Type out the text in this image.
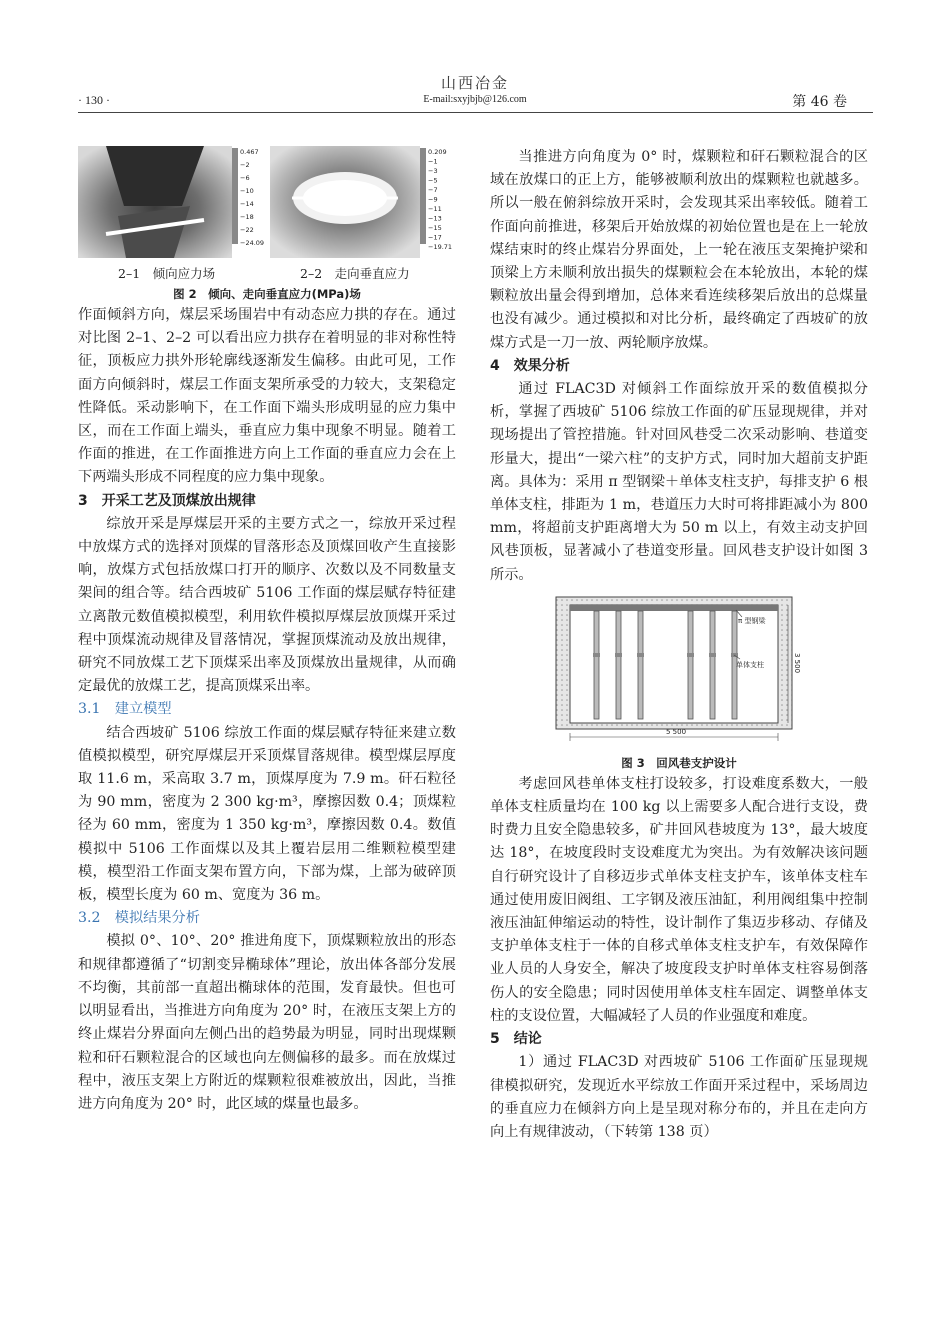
山西冶金
E-mail:sxyjbjb@126.com
· 130 ·	第 46 卷
0.467
−2
−6
−10
−14
−18
−22
−24.09
0.209
−1
−3
−5
−7
−9
−11
−13
−15
−17
−19.71
2–1　倾向应力场	2–2　走向垂直应力
图 2　倾向、走向垂直应力(MPa)场

作面倾斜方向，煤层采场围岩中有动态应力拱的存在。通过对比图 2–1、2–2 可以看出应力拱存在着明显的非对称性特征，顶板应力拱外形轮廓线逐渐发生偏移。由此可见，工作面方向倾斜时，煤层工作面支架所承受的力较大，支架稳定性降低。采动影响下，在工作面下端头形成明显的应力集中区，而在工作面上端头，垂直应力集中现象不明显。随着工作面的推进，在工作面推进方向上工作面的垂直应力会在上下两端头形成不同程度的应力集中现象。

3　开采工艺及顶煤放出规律

综放开采是厚煤层开采的主要方式之一，综放开采过程中放煤方式的选择对顶煤的冒落形态及顶煤回收产生直接影响，放煤方式包括放煤口打开的顺序、次数以及不同数量支架间的组合等。结合西坡矿 5106 工作面的煤层赋存特征建立离散元数值模拟模型，利用软件模拟厚煤层放顶煤开采过程中顶煤流动规律及冒落情况，掌握顶煤流动及放出规律，研究不同放煤工艺下顶煤采出率及顶煤放出量规律，从而确定最优的放煤工艺，提高顶煤采出率。

3.1　建立模型

结合西坡矿 5106 综放工作面的煤层赋存特征来建立数值模拟模型，研究厚煤层开采顶煤冒落规律。模型煤层厚度取 11.6 m，采高取 3.7 m，顶煤厚度为 7.9 m。矸石粒径为 90 mm，密度为 2 300 kg·m³，摩擦因数 0.4；顶煤粒径为 60 mm，密度为 1 350 kg·m³，摩擦因数 0.4。数值模拟中 5106 工作面煤以及其上覆岩层用二维颗粒模型建模，模型沿工作面支架布置方向，下部为煤，上部为破碎顶板，模型长度为 60 m、宽度为 36 m。

3.2　模拟结果分析

模拟 0°、10°、20° 推进角度下，顶煤颗粒放出的形态和规律都遵循了“切割变异椭球体”理论，放出体各部分发展不均衡，其前部一直超出椭球体的范围，发育最快。但也可以明显看出，当推进方向角度为 20° 时，在液压支架上方的终止煤岩分界面向左侧凸出的趋势最为明显，同时出现煤颗粒和矸石颗粒混合的区域也向左侧偏移的最多。而在放煤过程中，液压支架上方附近的煤颗粒很难被放出，因此，当推进方向角度为 20° 时，此区域的煤量也最多。

当推进方向角度为 0° 时，煤颗粒和矸石颗粒混合的区域在放煤口的正上方，能够被顺利放出的煤颗粒也就越多。所以一般在俯斜综放开采时，会发现其采出率较低。随着工作面向前推进，移架后开始放煤的初始位置也是在上一轮放煤结束时的终止煤岩分界面处，上一轮在液压支架掩护梁和顶梁上方未顺利放出损失的煤颗粒会在本轮放出，本轮的煤颗粒放出量会得到增加，总体来看连续移架后放出的总煤量也没有减少。通过模拟和对比分析，最终确定了西坡矿的放煤方式是一刀一放、两轮顺序放煤。

4　效果分析

通过 FLAC3D 对倾斜工作面综放开采的数值模拟分析，掌握了西坡矿 5106 综放工作面的矿压显现规律，并对现场提出了管控措施。针对回风巷受二次采动影响、巷道变形量大，提出“一梁六柱”的支护方式，同时加大超前支护距离。具体为：采用 π 型钢梁＋单体支柱支护，每排支护 6 根单体支柱，排距为 1 m，巷道压力大时可将排距减小为 800 mm，将超前支护距离增大为 50 m 以上，有效主动支护回风巷顶板，显著减小了巷道变形量。回风巷支护设计如图 3 所示。

π 型钢梁
单体支柱	3 500
5 500
图 3　回风巷支护设计

考虑回风巷单体支柱打设较多，打设难度系数大，一般单体支柱质量均在 100 kg 以上需要多人配合进行支设，费时费力且安全隐患较多，矿井回风巷坡度为 13°，最大坡度达 18°，在坡度段时支设难度尤为突出。为有效解决该问题自行研究设计了自移迈步式单体支柱支护车，该单体支柱车通过使用废旧阀组、工字钢及液压油缸，利用阀组集中控制液压油缸伸缩运动的特性，设计制作了集迈步移动、存储及支护单体支柱于一体的自移式单体支柱支护车，有效保障作业人员的人身安全，解决了坡度段支护时单体支柱容易倒落伤人的安全隐患；同时因使用单体支柱车固定、调整单体支柱的支设位置，大幅减轻了人员的作业强度和难度。

5　结论

1）通过 FLAC3D 对西坡矿 5106 工作面矿压显现规律模拟研究，发现近水平综放工作面开采过程中，采场周边的垂直应力在倾斜方向上是呈现对称分布的，并且在走向方向上有规律波动，（下转第 138 页）
